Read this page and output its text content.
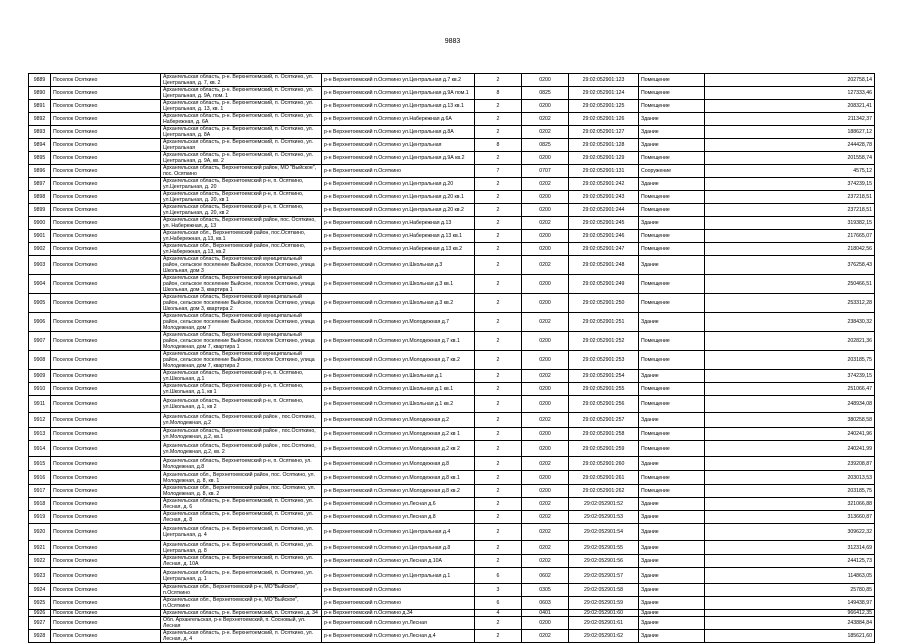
9883
9889	Поселок Осяткино	Архангельская область, р-н. Верхнетоемский, п. Осяткино, ул. Центральная, д. 7, кв. 2	р-н Верхнетоемский п.Осяткино ул.Центральная д.7 кв.2	2	0200	29:02:052901:123	Помещение	202758,14
9890	Поселок Осяткино	Архангельская область, р-н. Верхнетоемский, п. Осяткино, ул. Центральная, д. 9А, пом. 1	р-н Верхнетоемский п.Осяткино ул.Центральная д.9А пом.1	8	0825	29:02:052901:124	Помещение	127333,46
9891	Поселок Осяткино	Архангельская область, р-н. Верхнетоемский, п. Осяткино, ул. Центральная, д. 13, кв. 1	р-н Верхнетоемский п.Осяткино ул.Центральная д.13 кв.1	2	0200	29:02:052901:125	Помещение	208321,41
9892	Поселок Осяткино	Архангельская область, р-н. Верхнетоемский, п. Осяткино, ул. Набережная, д. 6А	р-н Верхнетоемский п.Осяткино ул.Набережная д.6А	2	0202	29:02:052901:126	Здание	211342,37
9893	Поселок Осяткино	Архангельская область, р-н. Верхнетоемский, п. Осяткино, ул. Центральная, д. 8А	р-н Верхнетоемский п.Осяткино ул.Центральная д.8А	2	0202	29:02:052901:127	Здание	188627,12
9894	Поселок Осяткино	Архангельская область, р-н. Верхнетоемский, п. Осяткино, ул. Центральная	р-н Верхнетоемский п.Осяткино ул.Центральная	8	0825	29:02:052901:128	Здание	244428,78
9895	Поселок Осяткино	Архангельская область, р-н. Верхнетоемский, п. Осяткино, ул. Центральная, д. 9А, кв. 2	р-н Верхнетоемский п.Осяткино ул.Центральная д.9А кв.2	2	0200	29:02:052901:129	Помещение	201558,74
9896	Поселок Осяткино	Архангельская область, Верхнетоемский район, МО "Выйское", пос. Осяткино	р-н Верхнетоемский п.Осяткино	7	0707	29:02:052901:131	Сооружение	4575,12
9897	Поселок Осяткино	Архангельская область, Верхнетоемский р-н, п. Осяткино, ул.Центральная, д. 20	р-н Верхнетоемский п.Осяткино ул.Центральная д.20	2	0202	29:02:052901:242	Здание	374239,15
9898	Поселок Осяткино	Архангельская область, Верхнетоемский р-н, п. Осяткино, ул.Центральная, д. 20, кв 1	р-н Верхнетоемский п.Осяткино ул.Центральная д.20 кв.1	2	0200	29:02:052901:243	Помещение	237218,51
9899	Поселок Осяткино	Архангельская область, Верхнетоемский р-н, п. Осяткино, ул.Центральная, д. 20, кв 2	р-н Верхнетоемский п.Осяткино ул.Центральная д.20 кв.2	2	0200	29:02:052901:244	Помещение	237218,51
9900	Поселок Осяткино	Архангельская область, Верхнетоемский район, пос. Осяткино, ул. Набережная, д. 13	р-н Верхнетоемский п.Осяткино ул.Набережная д.13	2	0202	29:02:052901:245	Здание	319382,15
9901	Поселок Осяткино	Архангельская обл., Верхнетоемский район, пос.Осяткино, ул.Набережная, д.13, кв.1	р-н Верхнетоемский п.Осяткино ул.Набережная д.13 кв.1	2	0200	29:02:052901:246	Помещение	217665,07
9902	Поселок Осяткино	Архангельская обл., Верхнетоемский район, пос.Осяткино, ул.Набережная, д.13, кв.2	р-н Верхнетоемский п.Осяткино ул.Набережная д.13 кв.2	2	0200	29:02:052901:247	Помещение	218042,56
9903	Поселок Осяткино	Архангельская область, Верхнетоемский муниципальный район, сельское поселение Выйское, поселок Осяткино, улица Школьная, дом 3	р-н Верхнетоемский п.Осяткино ул.Школьная д.3	2	0202	29:02:052901:248	Здание	376258,43
9904	Поселок Осяткино	Архангельская область, Верхнетоемский муниципальный район, сельское поселение Выйское, поселок Осяткино, улица Школьная, дом 3, квартира 1	р-н Верхнетоемский п.Осяткино ул.Школьная д.3 кв.1	2	0200	29:02:052901:249	Помещение	250466,51
9905	Поселок Осяткино	Архангельская область, Верхнетоемский муниципальный район, сельское поселение Выйское, поселок Осяткино, улица Школьная, дом 3, квартира 2	р-н Верхнетоемский п.Осяткино ул.Школьная д.3 кв.2	2	0200	29:02:052901:250	Помещение	253312,28
9906	Поселок Осяткино	Архангельская область, Верхнетоемский муниципальный район, сельское поселение Выйское, поселок Осяткино, улица Молодежная, дом 7	р-н Верхнетоемский п.Осяткино ул.Молодежная д.7	2	0202	29:02:052901:251	Здание	238430,32
9907	Поселок Осяткино	Архангельская область, Верхнетоемский муниципальный район, сельское поселение Выйское, поселок Осяткино, улица Молодежная, дом 7, квартира 1	р-н Верхнетоемский п.Осяткино ул.Молодежная д.7 кв.1	2	0200	29:02:052901:252	Помещение	202821,36
9908	Поселок Осяткино	Архангельская область, Верхнетоемский муниципальный район, сельское поселение Выйское, поселок Осяткино, улица Молодежная, дом 7, квартира 2	р-н Верхнетоемский п.Осяткино ул.Молодежная д.7 кв.2	2	0200	29:02:052901:253	Помещение	203185,75
9909	Поселок Осяткино	Архангельская область, Верхнетоемский р-н, п. Осяткино, ул.Школьная, д.1	р-н Верхнетоемский п.Осяткино ул.Школьная д.1	2	0202	29:02:052901:254	Здание	374239,15
9910	Поселок Осяткино	Архангельская область, Верхнетоемский р-н, п. Осяткино, ул.Школьная, д.1, кв 1	р-н Верхнетоемский п.Осяткино ул.Школьная д.1 кв.1	2	0200	29:02:052901:255	Помещение	251066,47
9911	Поселок Осяткино	Архангельская область, Верхнетоемский р-н, п. Осяткино, ул.Школьная, д.1, кв 2	р-н Верхнетоемский п.Осяткино ул.Школьная д.1 кв.2	2	0200	29:02:052901:256	Помещение	248934,08
9912	Поселок Осяткино	Архангельская область, Верхнетоемский район , пос.Осяткино, ул.Молодежная, д.2	р-н Верхнетоемский п.Осяткино ул.Молодежная д.2	2	0202	29:02:052901:257	Здание	380258,58
9913	Поселок Осяткино	Архангельская область, Верхнетоемский район , пос.Осяткино, ул.Молодежная, д.2, кв.1	р-н Верхнетоемский п.Осяткино ул.Молодежная д.2 кв 1	2	0200	29:02:052901:258	Помещение	240241,96
9914	Поселок Осяткино	Архангельская область, Верхнетоемский район , пос.Осяткино, ул.Молодежная, д.2, кв. 2	р-н Верхнетоемский п.Осяткино ул.Молодежная д.2 кв 2	2	0200	29:02:052901:259	Помещение	240241,99
9915	Поселок Осяткино	Архангельская область, Верхнетоемский р-н, п. Осяткино, ул. Молодежная, д.8	р-н Верхнетоемский п.Осяткино ул.Молодежная д.8	2	0202	29:02:052901:260	Здание	239208,87
9916	Поселок Осяткино	Архангельская обл., Верхнетоемский район, пос. Осяткино, ул. Молодежная, д. 8, кв. 1	р-н Верхнетоемский п.Осяткино ул.Молодежная д.8 кв.1	2	0200	29:02:052901:261	Помещение	203013,53
9917	Поселок Осяткино	Архангельская обл., Верхнетоемский район, пос. Осяткино, ул. Молодежная, д. 8, кв. 2	р-н Верхнетоемский п.Осяткино ул.Молодежная д.8 кв.2	2	0200	29:02:052901:262	Помещение	203185,75
9918	Поселок Осяткино	Архангельская область, р-н. Верхнетоемский, п. Осяткино, ул. Лесная, д. 6	р-н Верхнетоемский п.Осяткино ул.Лесная д.6	2	0202	29:02:052901:52	Здание	321066,88
9919	Поселок Осяткино	Архангельская область, р-н. Верхнетоемский, п. Осяткино, ул. Лесная, д. 8	р-н Верхнетоемский п.Осяткино ул.Лесная д.8	2	0202	29:02:052901:53	Здание	313660,87
9920	Поселок Осяткино	Архангельская область, р-н. Верхнетоемский, п. Осяткино, ул. Центральная, д. 4	р-н Верхнетоемский п.Осяткино ул.Центральная д.4	2	0202	29:02:052901:54	Здание	309622,32
9921	Поселок Осяткино	Архангельская область, р-н. Верхнетоемский, п. Осяткино, ул. Центральная, д. 8	р-н Верхнетоемский п.Осяткино ул.Центральная д.8	2	0202	29:02:052901:55	Здание	312314,69
9922	Поселок Осяткино	Архангельская область, р-н. Верхнетоемский, п. Осяткино, ул. Лесная, д. 10А	р-н Верхнетоемский п.Осяткино ул.Лесная д.10А	2	0202	29:02:052901:56	Здание	244125,73
9923	Поселок Осяткино	Архангельская область, р-н. Верхнетоемский, п. Осяткино, ул. Центральная, д. 1	р-н Верхнетоемский п.Осяткино ул.Центральная д.1	6	0602	29:02:052901:57	Здание	114863,05
9924	Поселок Осяткино	Архангельская обл., Верхнетоемский р-н, МО"Выйское", п.Осяткино	р-н Верхнетоемский п.Осяткино	3	0305	29:02:052901:58	Здание	25780,85
9925	Поселок Осяткино	Архангельская обл., Верхнетоемский р-н, МО"Выйское", п.Осяткино	р-н Верхнетоемский п.Осяткино	6	0603	29:02:052901:59	Здание	149438,97
9926	Поселок Осяткино	Архангельская область, р-н. Верхнетоемский, п. Осяткино, д. 34	р-н Верхнетоемский п.Осяткино д.34	4	0401	29:02:052901:60	Здание	966412,35
9927	Поселок Осяткино	Обл. Архангельская, р-н Верхнетоемский, п. Сосновый, ул. Лесная	р-н Верхнетоемский п.Осяткино ул.Лесная	2	0200	29:02:052901:61	Здание	243884,84
9928	Поселок Осяткино	Архангельская область, р-н. Верхнетоемский, п. Осяткино, ул. Лесная, д. 4	р-н Верхнетоемский п.Осяткино ул.Лесная д.4	2	0202	29:02:052901:62	Здание	185621,60
